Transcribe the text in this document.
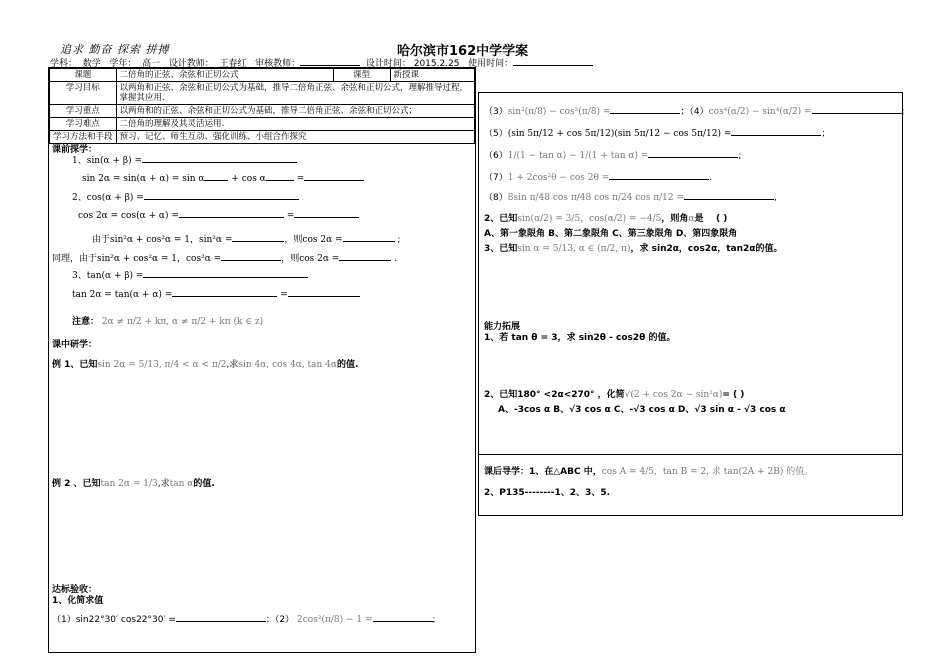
追求 勤奋 探索 拼搏	哈尔滨市162中学学案
学科： 数学 学年： 高一 设计教师： 王春红 审核教师：	设计时间： 2015.2.25 使用时间：
课题	二倍角的正弦、余弦和正切公式	课型	新授课
学习目标	以两角和正弦、余弦和正切公式为基础，推导二倍角正弦、余弦和正切公式，理解推导过程，掌握其应用.		
学习重点	以两角和的正弦、余弦和正切公式为基础，推导二倍角正弦、余弦和正切公式；		
学习难点	二倍角的理解及其灵活运用.		
学习方法和手段	预习、记忆、师生互动、强化训练、小组合作探究		
课前探学：
1、sin(α + β) =
sin 2α = sin(α + α) = sin α	+ cos α	=
2、cos(α + β) =
cos 2α = cos(α + α) =	=
由于sin²α + cos²α = 1，sin²α =	，则cos 2α =	;
同理，由于sin²α + cos²α = 1，cos²α =	，则cos 2α =	.
3、tan(α + β) =
tan 2α = tan(α + α) =	=
注意： 2α ≠ π/2 + kπ, α ≠ π/2 + kπ (k ∈ z)
课中研学：
例 1、已知sin 2α = 5/13, π/4 < α < π/2,求sin 4α, cos 4α, tan 4α的值.
例 2 、已知tan 2α = 1/3,求tan α的值.
达标验收：
1、化简求值
（1）sin22°30′ cos22°30′ =	；（2） 2cos²(π/8) − 1 =	;
（3）sin²(π/8) − cos²(π/8) =	；（4）cos⁴(α/2) − sin⁴(α/2) =	;
（5）(sin 5π/12 + cos 5π/12)(sin 5π/12 − cos 5π/12) =	；
（6）1/(1 − tan α) − 1/(1 + tan α) =	;
（7）1 + 2cos²θ − cos 2θ =	.
（8）8sin π/48 cos π/48 cos π/24 cos π/12 =	,
2、已知sin(α/2) = 3/5，cos(α/2) = −4/5，则角α是 ( )
A、第一象限角 B、第二象限角 C、第三象限角 D、第四象限角
3、已知sin α = 5/13, α ∈ (π/2, π)，求 sin2α，cos2α，tan2α的值。
能力拓展
1、若 tan θ = 3，求 sin2θ - cos2θ 的值。
2、已知180° <2α<270° ，化简√(2 + cos 2α − sin²α)= ( )
A、-3cos α B、√3 cos α C、-√3 cos α D、√3 sin α - √3 cos α
课后导学：1、在△ABC 中，cos A = 4/5，tan B = 2, 求 tan(2A + 2B) 的值。
2、P135--------1、2、3、5.
